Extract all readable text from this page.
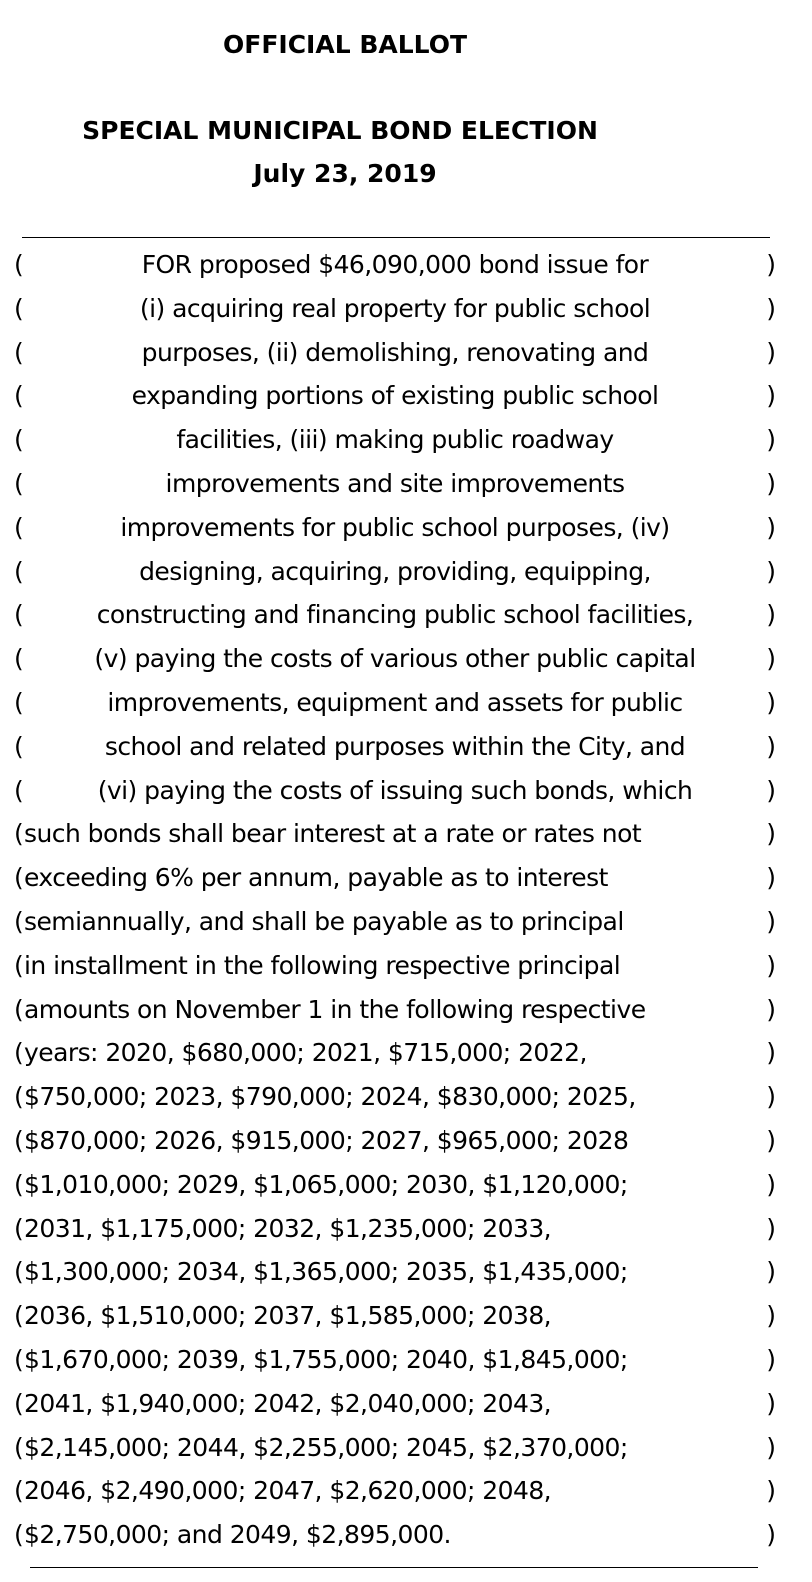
OFFICIAL BALLOT
SPECIAL MUNICIPAL BOND ELECTION
July 23, 2019
(	FOR proposed $46,090,000 bond issue for	)
(	(i) acquiring real property for public school	)
(	purposes, (ii) demolishing, renovating and	)
(	expanding portions of existing public school	)
(	facilities, (iii) making public roadway	)
(	improvements and site improvements	)
(	improvements for public school purposes, (iv)	)
(	designing, acquiring, providing, equipping,	)
(	constructing and financing public school facilities,	)
(	(v) paying the costs of various other public capital	)
(	improvements, equipment and assets for public	)
(	school and related purposes within the City, and	)
(	(vi) paying the costs of issuing such bonds, which	)
( such bonds shall bear interest at a rate or rates not	)
( exceeding 6% per annum, payable as to interest	)
( semiannually, and shall be payable as to principal	)
( in installment in the following respective principal	)
( amounts on November 1 in the following respective	)
( years: 2020, $680,000; 2021, $715,000; 2022,	)
( $750,000; 2023, $790,000; 2024, $830,000; 2025,	)
( $870,000; 2026, $915,000; 2027, $965,000; 2028	)
( $1,010,000; 2029, $1,065,000; 2030, $1,120,000;	)
( 2031, $1,175,000; 2032, $1,235,000; 2033,	)
( $1,300,000; 2034, $1,365,000; 2035, $1,435,000;	)
( 2036, $1,510,000; 2037, $1,585,000; 2038,	)
( $1,670,000; 2039, $1,755,000; 2040, $1,845,000;	)
( 2041, $1,940,000; 2042, $2,040,000; 2043,	)
( $2,145,000; 2044, $2,255,000; 2045, $2,370,000;	)
( 2046, $2,490,000; 2047, $2,620,000; 2048,	)
( $2,750,000; and 2049, $2,895,000.	)
